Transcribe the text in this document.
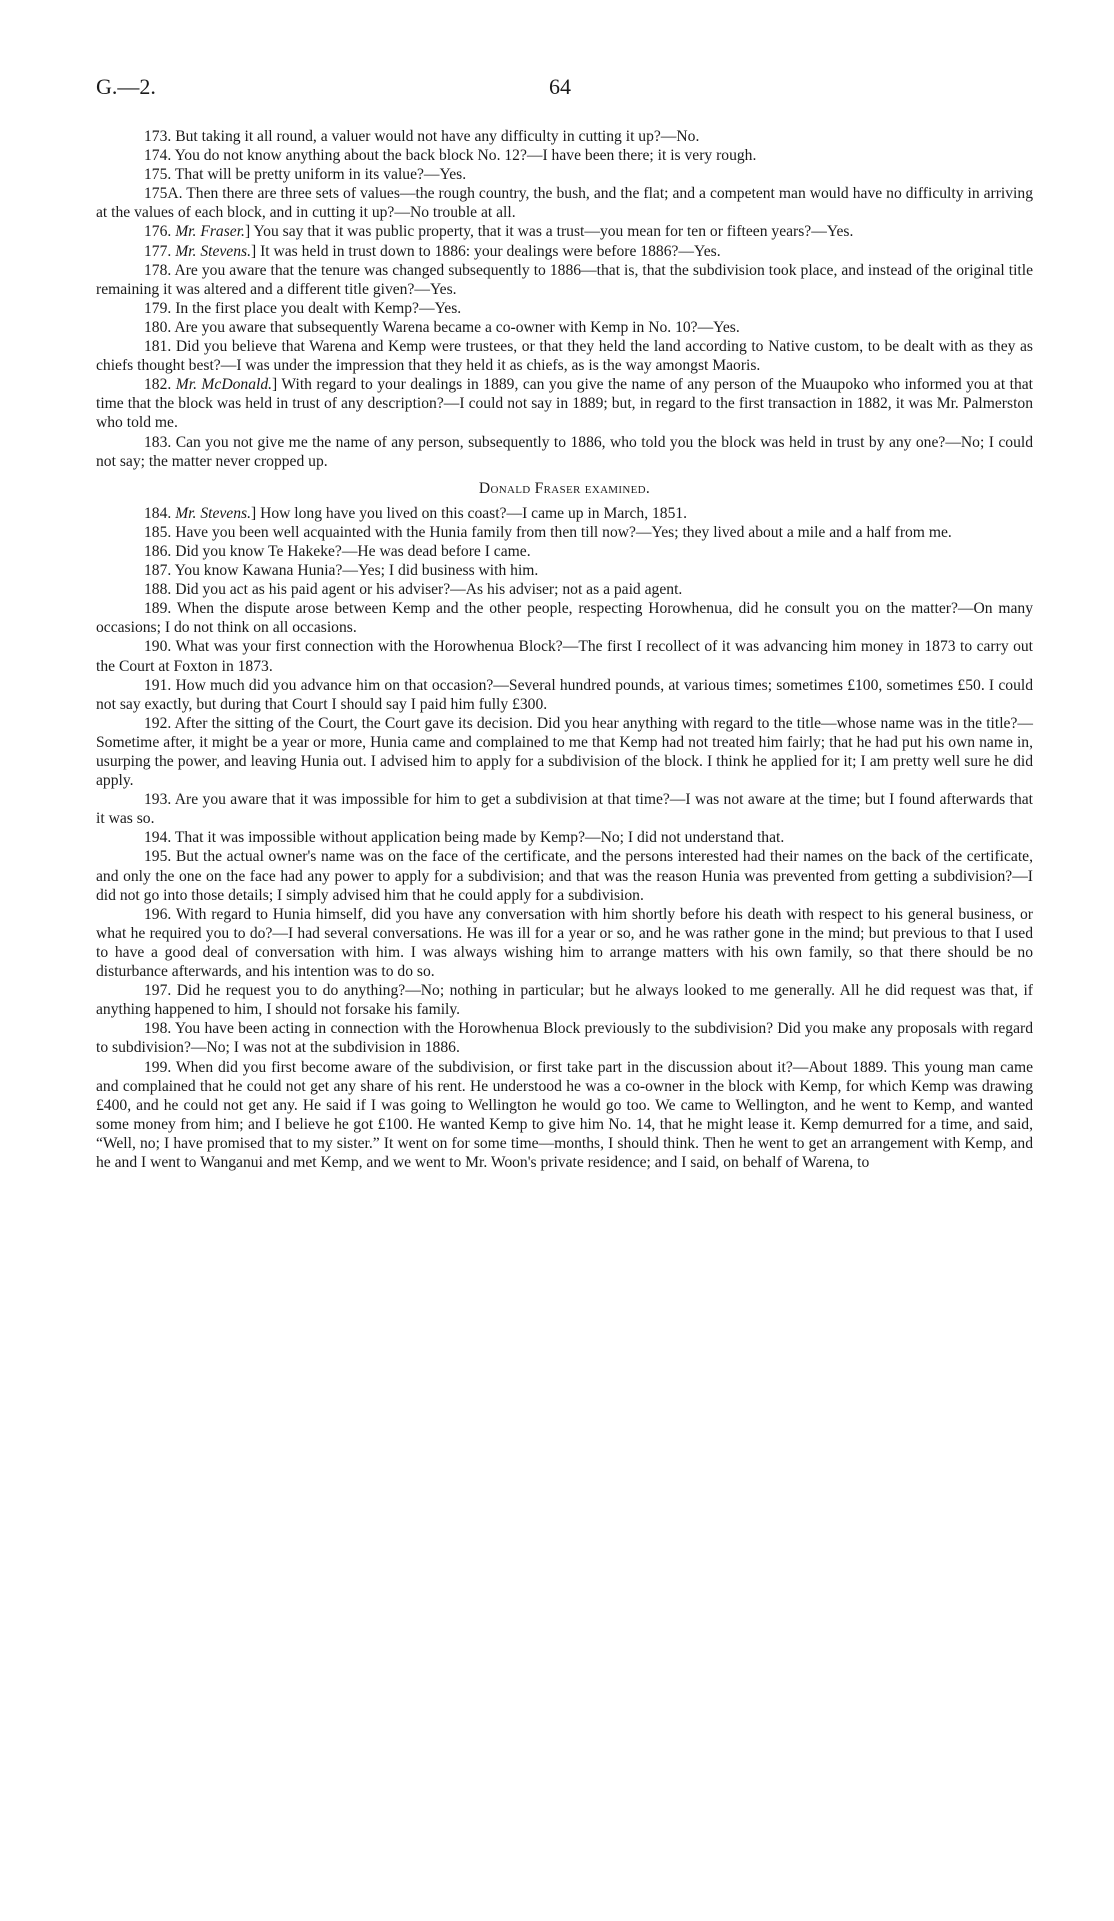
G.—2.	64

173. But taking it all round, a valuer would not have any difficulty in cutting it up?—No.

174. You do not know anything about the back block No. 12?—I have been there; it is very rough.

175. That will be pretty uniform in its value?—Yes.

175A. Then there are three sets of values—the rough country, the bush, and the flat; and a competent man would have no difficulty in arriving at the values of each block, and in cutting it up?—No trouble at all.

176. Mr. Fraser.] You say that it was public property, that it was a trust—you mean for ten or fifteen years?—Yes.

177. Mr. Stevens.] It was held in trust down to 1886: your dealings were before 1886?—Yes.

178. Are you aware that the tenure was changed subsequently to 1886—that is, that the subdivision took place, and instead of the original title remaining it was altered and a different title given?—Yes.

179. In the first place you dealt with Kemp?—Yes.

180. Are you aware that subsequently Warena became a co-owner with Kemp in No. 10?—Yes.

181. Did you believe that Warena and Kemp were trustees, or that they held the land according to Native custom, to be dealt with as they as chiefs thought best?—I was under the impression that they held it as chiefs, as is the way amongst Maoris.

182. Mr. McDonald.] With regard to your dealings in 1889, can you give the name of any person of the Muaupoko who informed you at that time that the block was held in trust of any description?—I could not say in 1889; but, in regard to the first transaction in 1882, it was Mr. Palmerston who told me.

183. Can you not give me the name of any person, subsequently to 1886, who told you the block was held in trust by any one?—No; I could not say; the matter never cropped up.

Donald Fraser examined.

184. Mr. Stevens.] How long have you lived on this coast?—I came up in March, 1851.

185. Have you been well acquainted with the Hunia family from then till now?—Yes; they lived about a mile and a half from me.

186. Did you know Te Hakeke?—He was dead before I came.

187. You know Kawana Hunia?—Yes; I did business with him.

188. Did you act as his paid agent or his adviser?—As his adviser; not as a paid agent.

189. When the dispute arose between Kemp and the other people, respecting Horowhenua, did he consult you on the matter?—On many occasions; I do not think on all occasions.

190. What was your first connection with the Horowhenua Block?—The first I recollect of it was advancing him money in 1873 to carry out the Court at Foxton in 1873.

191. How much did you advance him on that occasion?—Several hundred pounds, at various times; sometimes £100, sometimes £50. I could not say exactly, but during that Court I should say I paid him fully £300.

192. After the sitting of the Court, the Court gave its decision. Did you hear anything with regard to the title—whose name was in the title?—Sometime after, it might be a year or more, Hunia came and complained to me that Kemp had not treated him fairly; that he had put his own name in, usurping the power, and leaving Hunia out. I advised him to apply for a subdivision of the block. I think he applied for it; I am pretty well sure he did apply.

193. Are you aware that it was impossible for him to get a subdivision at that time?—I was not aware at the time; but I found afterwards that it was so.

194. That it was impossible without application being made by Kemp?—No; I did not understand that.

195. But the actual owner's name was on the face of the certificate, and the persons interested had their names on the back of the certificate, and only the one on the face had any power to apply for a subdivision; and that was the reason Hunia was prevented from getting a subdivision?—I did not go into those details; I simply advised him that he could apply for a subdivision.

196. With regard to Hunia himself, did you have any conversation with him shortly before his death with respect to his general business, or what he required you to do?—I had several conversations. He was ill for a year or so, and he was rather gone in the mind; but previous to that I used to have a good deal of conversation with him. I was always wishing him to arrange matters with his own family, so that there should be no disturbance afterwards, and his intention was to do so.

197. Did he request you to do anything?—No; nothing in particular; but he always looked to me generally. All he did request was that, if anything happened to him, I should not forsake his family.

198. You have been acting in connection with the Horowhenua Block previously to the subdivision? Did you make any proposals with regard to subdivision?—No; I was not at the subdivision in 1886.

199. When did you first become aware of the subdivision, or first take part in the discussion about it?—About 1889. This young man came and complained that he could not get any share of his rent. He understood he was a co-owner in the block with Kemp, for which Kemp was drawing £400, and he could not get any. He said if I was going to Wellington he would go too. We came to Wellington, and he went to Kemp, and wanted some money from him; and I believe he got £100. He wanted Kemp to give him No. 14, that he might lease it. Kemp demurred for a time, and said, “Well, no; I have promised that to my sister.” It went on for some time—months, I should think. Then he went to get an arrangement with Kemp, and he and I went to Wanganui and met Kemp, and we went to Mr. Woon's private residence; and I said, on behalf of Warena, to
